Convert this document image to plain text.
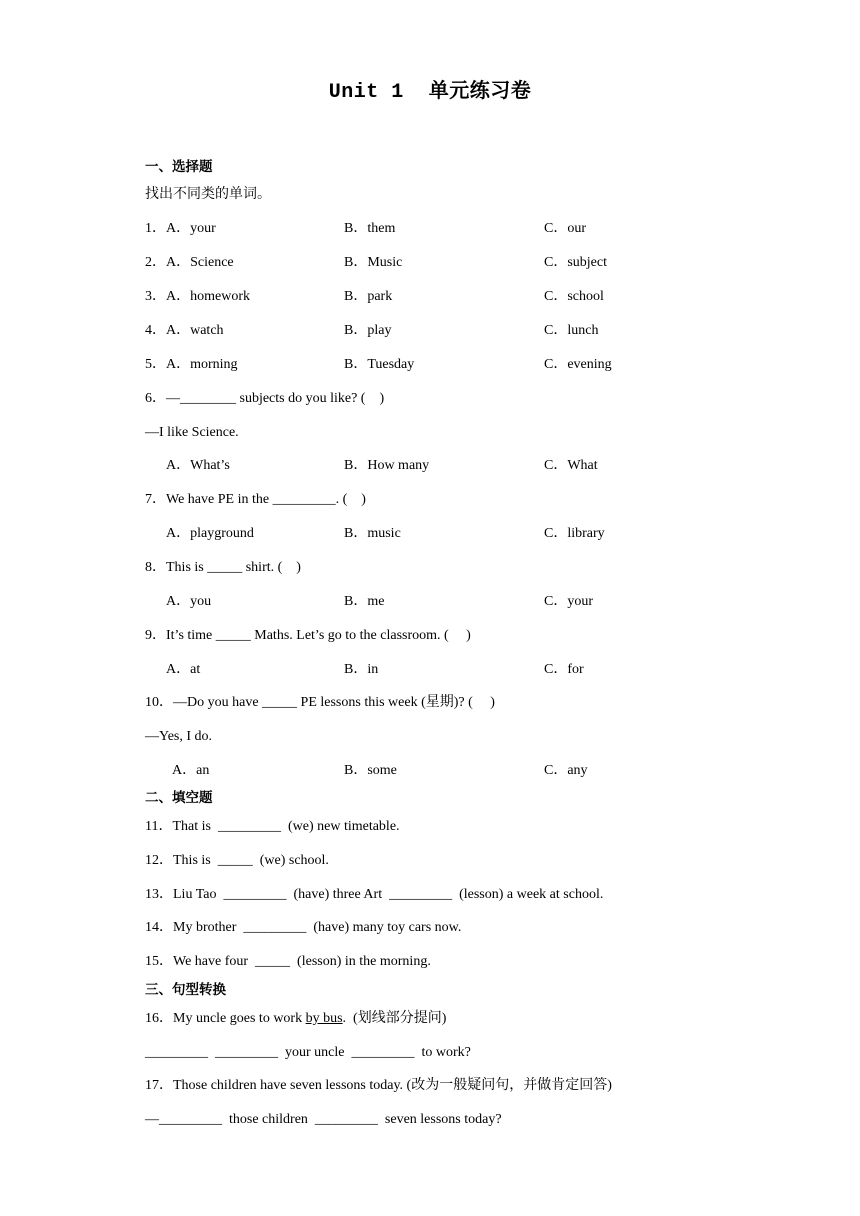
Unit 1  单元练习卷
一、选择题
找出不同类的单词。
1．A．your	B．them	C．our
2．A．Science	B．Music	C．subject
3．A．homework	B．park	C．school
4．A．watch	B．play	C．lunch
5．A．morning	B．Tuesday	C．evening
6．—________ subjects do you like? (    )
—I like Science.
A．What’s	B．How many	C．What
7．We have PE in the _________. (    )
A．playground	B．music	C．library
8．This is _____ shirt. (    )
A．you	B．me	C．your
9．It’s time _____ Maths. Let’s go to the classroom. (     )
A．at	B．in	C．for
10．—Do you have _____ PE lessons this week (星期)? (     )
—Yes, I do.
A．an	B．some	C．any
二、填空题
11．That is  _________  (we) new timetable.
12．This is  _____  (we) school.
13．Liu Tao  _________  (have) three Art  _________  (lesson) a week at school.
14．My brother  _________  (have) many toy cars now.
15．We have four  _____  (lesson) in the morning.
三、句型转换
16．My uncle goes to work by bus.  (划线部分提问)
_________  _________  your uncle  _________  to work?
17．Those children have seven lessons today. (改为一般疑问句，并做肯定回答)
—_________  those children  _________  seven lessons today?
